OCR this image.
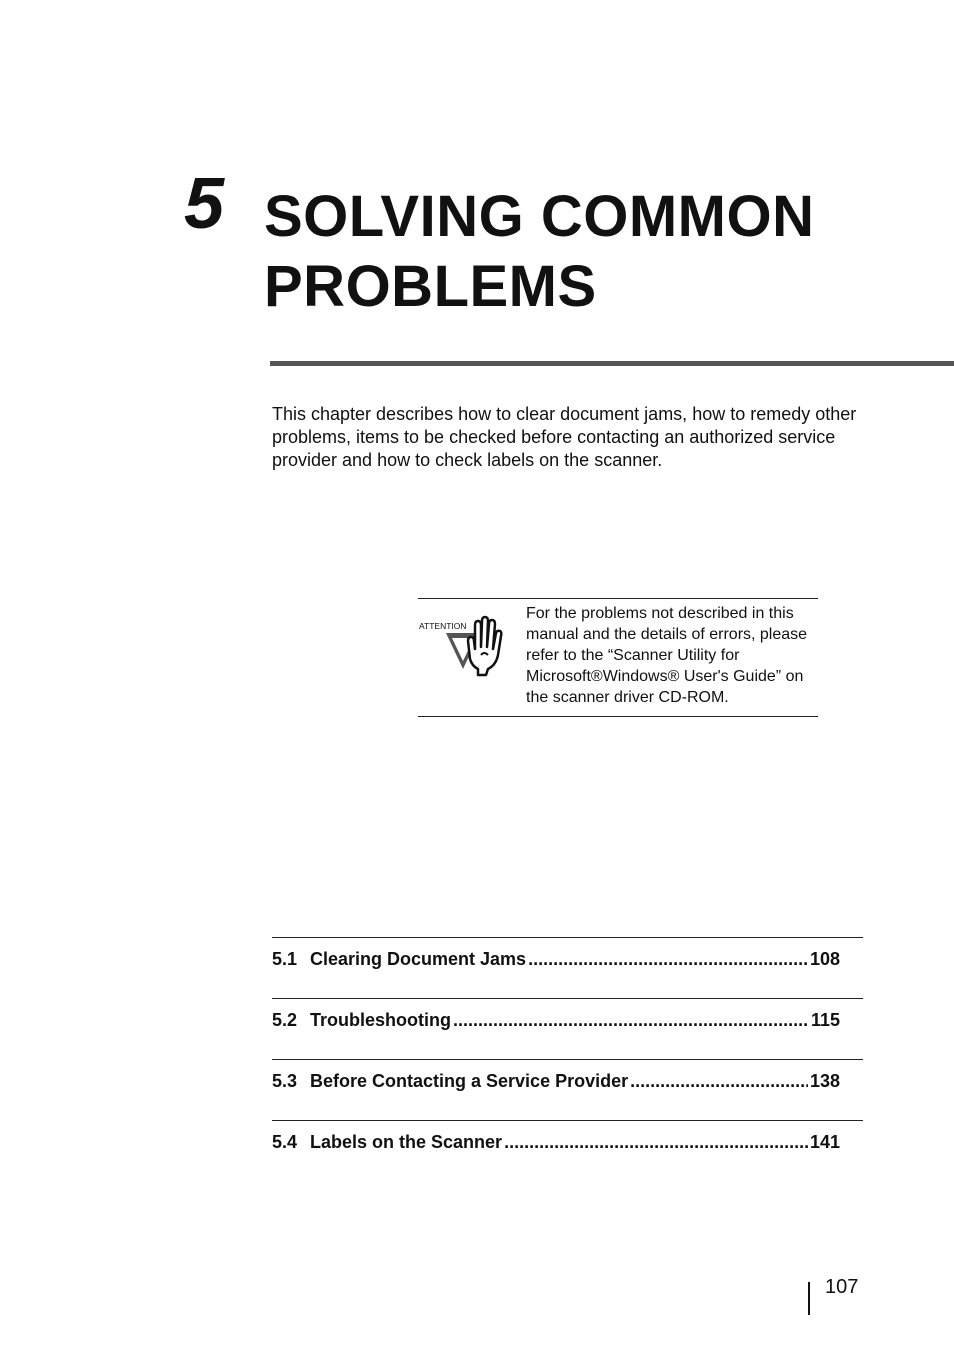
5 SOLVING COMMON
PROBLEMS

This chapter describes how to clear document jams, how to remedy other problems, items to be checked before contacting an authorized service provider and how to check labels on the scanner.

ATTENTION
For the problems not described in this manual and the details of errors, please refer to the “Scanner Utility for Microsoft®Windows® User's Guide” on the scanner driver CD-ROM.
5.1 Clearing Document Jams .....	108
5.2 Troubleshooting .....	115
5.3 Before Contacting a Service Provider .....	138
5.4 Labels on the Scanner .....	141
107
